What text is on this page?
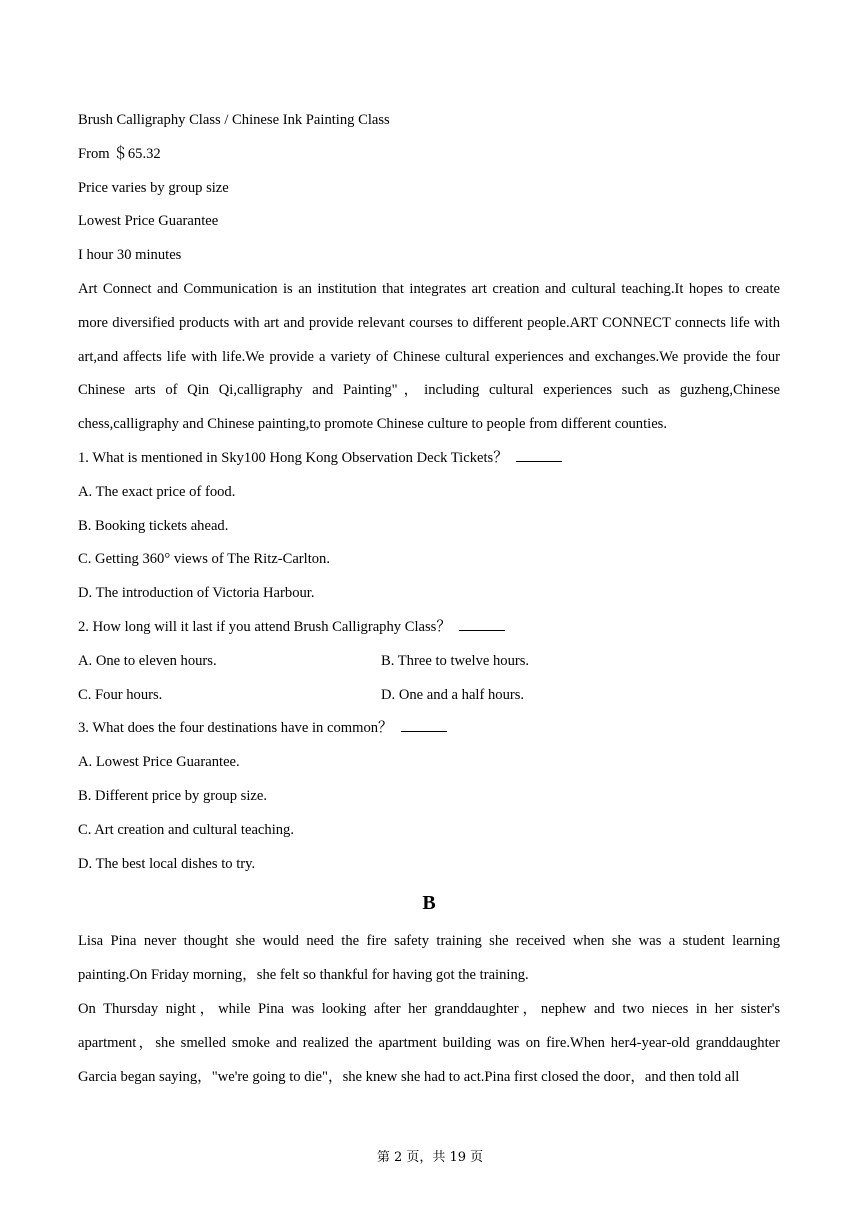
Brush Calligraphy Class / Chinese Ink Painting Class
From ＄65.32
Price varies by group size
Lowest Price Guarantee
I hour 30 minutes
Art Connect and Communication is an institution that integrates art creation and cultural teaching.It hopes to create more diversified products with art and provide relevant courses to different people.ART CONNECT connects life with art,and affects life with life.We provide a variety of Chinese cultural experiences and exchanges.We provide the four Chinese arts of Qin Qi,calligraphy and Painting"，including cultural experiences such as guzheng,Chinese chess,calligraphy and Chinese painting,to promote Chinese culture to people from different counties.
1. What is mentioned in Sky100 Hong Kong Observation Deck Tickets？
A. The exact price of food.
B. Booking tickets ahead.
C. Getting 360° views of The Ritz-Carlton.
D. The introduction of Victoria Harbour.
2. How long will it last if you attend Brush Calligraphy Class？
A. One to eleven hours.	B. Three to twelve hours.
C. Four hours.	D. One and a half hours.
3. What does the four destinations have in common？
A. Lowest Price Guarantee.
B. Different price by group size.
C. Art creation and cultural teaching.
D. The best local dishes to try.
B
Lisa Pina never thought she would need the fire safety training she received when she was a student learning painting.On Friday morning，she felt so thankful for having got the training.
On Thursday night，while Pina was looking after her granddaughter，nephew and two nieces in her sister's apartment，she smelled smoke and realized the apartment building was on fire.When her4-year-old granddaughter Garcia began saying，"we're going to die"，she knew she had to act.Pina first closed the door，and then told all
第 2 页，共 19 页
